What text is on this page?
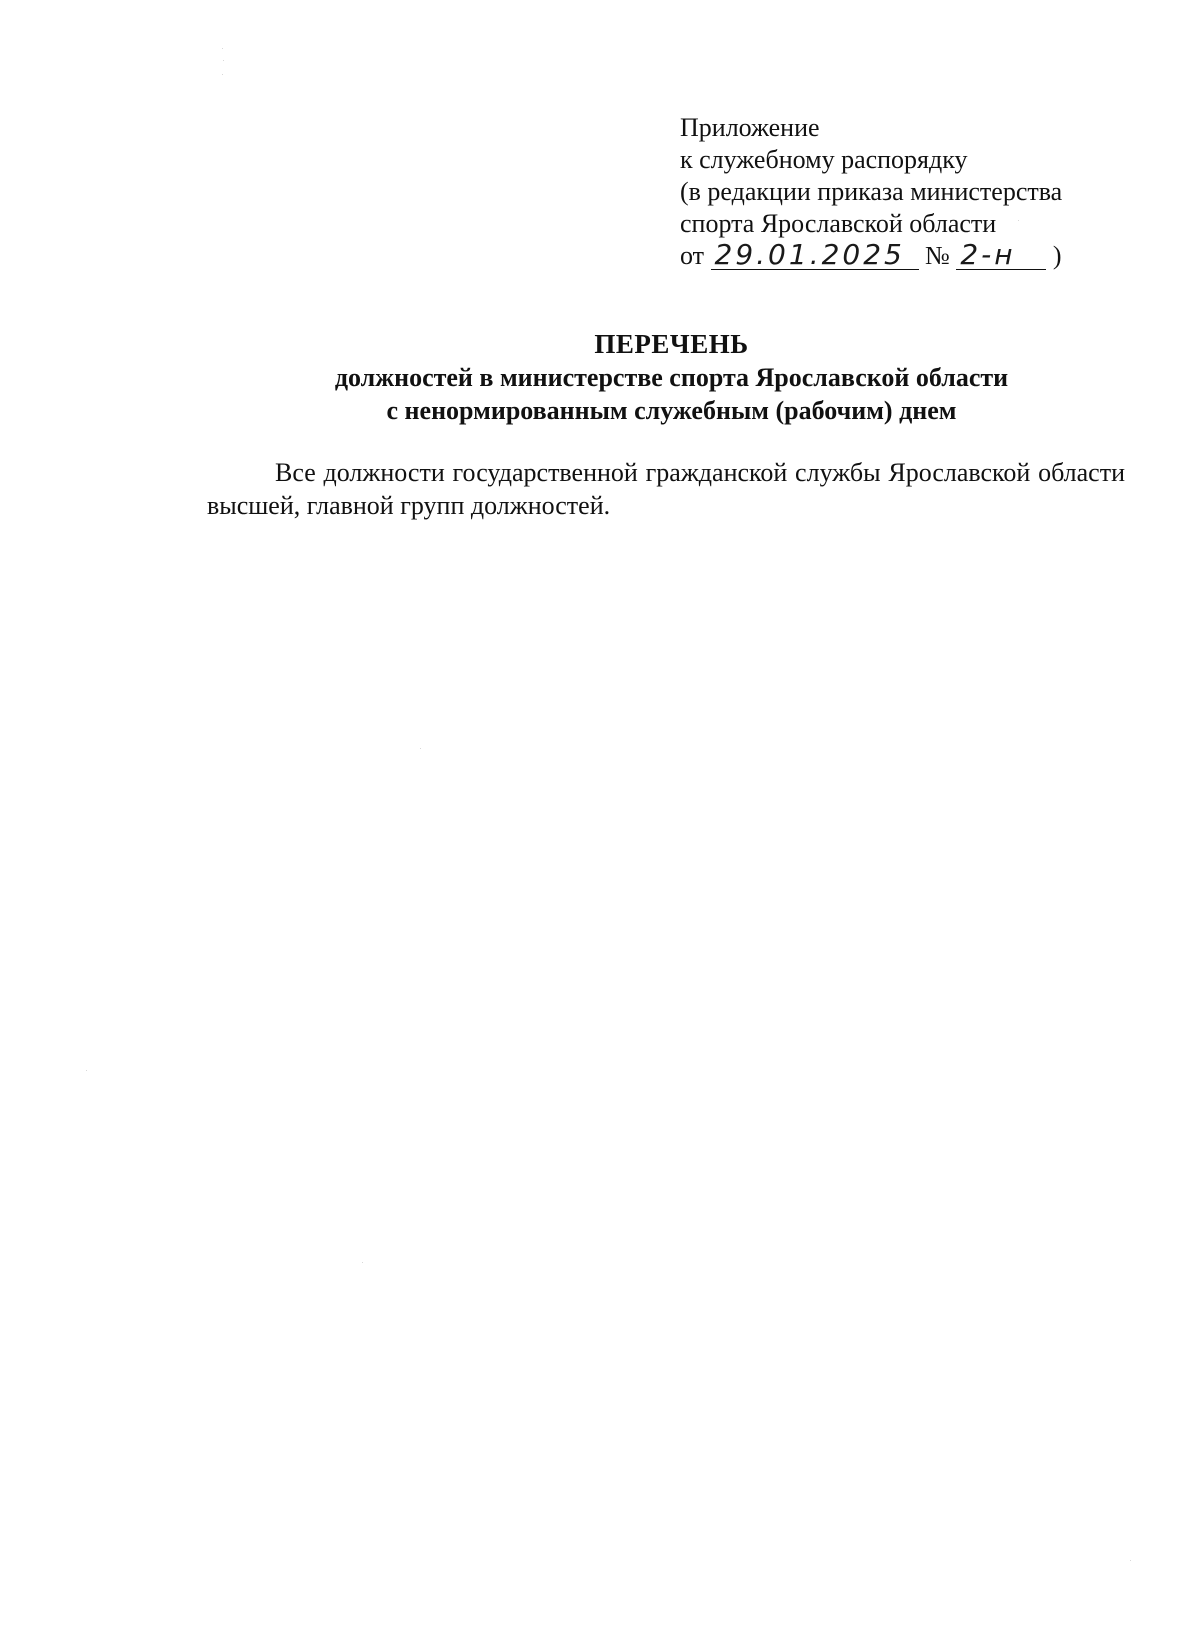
Приложение
к служебному распорядку
(в редакции приказа министерства
спорта Ярославской области
от 29.01.2025 № 2-н )
ПЕРЕЧЕНЬ
должностей в министерстве спорта Ярославской области
с ненормированным служебным (рабочим) днем
Все должности государственной гражданской службы Ярославской области высшей, главной групп должностей.
